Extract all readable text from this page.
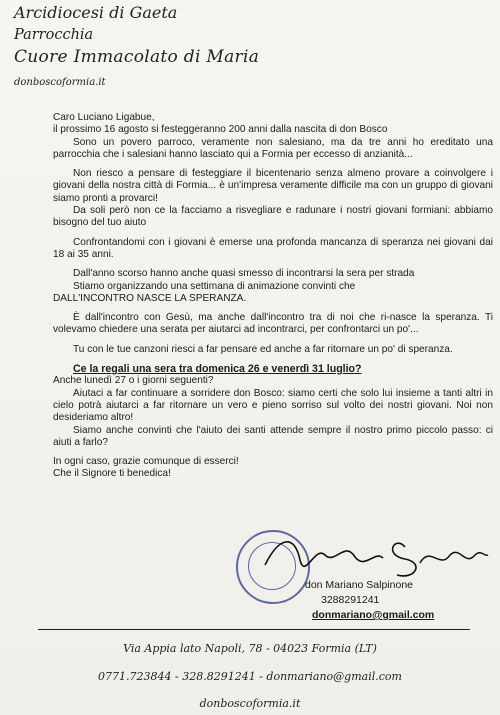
Arcidiocesi di Gaeta
Parrocchia
Cuore Immacolato di Maria
donboscoformia.it

Caro Luciano Ligabue,

il prossimo 16 agosto si festeggeranno 200 anni dalla nascita di don Bosco

Sono un povero parroco, veramente non salesiano, ma da tre anni ho ereditato una parrocchia che i salesiani hanno lasciato qui a Formia per eccesso di anzianità...

Non riesco a pensare di festeggiare il bicentenario senza almeno provare a coinvolgere i giovani della nostra città di Formia... è un'impresa veramente difficile ma con un gruppo di giovani siamo pronti a provarci!

Da soli però non ce la facciamo a risvegliare e radunare i nostri giovani formiani: abbiamo bisogno del tuo aiuto

Confrontandomi con i giovani è emerse una profonda mancanza di speranza nei giovani dai 18 ai 35 anni.

Dall'anno scorso hanno anche quasi smesso di incontrarsi la sera per strada

Stiamo organizzando una settimana di animazione convinti che

DALL'INCONTRO NASCE LA SPERANZA.

È dall'incontro con Gesù, ma anche dall'incontro tra di noi che ri-nasce la speranza. Ti volevamo chiedere una serata per aiutarci ad incontrarci, per confrontarci un po'...

Tu con le tue canzoni riesci a far pensare ed anche a far ritornare un po' di speranza.

Ce la regali una sera tra domenica 26 e venerdì 31 luglio?

Anche lunedì 27 o i giorni seguenti?

Aiutaci a far continuare a sorridere don Bosco: siamo certi che solo lui insieme a tanti altri in cielo potrà aiutarci a far ritornare un vero e pieno sorriso sul volto dei nostri giovani. Noi non desideriamo altro!

Siamo anche convinti che l'aiuto dei santi attende sempre il nostro primo piccolo passo: ci aiuti a farlo?

In ogni caso, grazie comunque di esserci!

Che il Signore ti benedica!

don Mariano Salpinone
3288291241
donmariano@gmail.com
Via Appia lato Napoli, 78 - 04023 Formia (LT)
0771.723844 - 328.8291241 - donmariano@gmail.com
donboscoformia.it
